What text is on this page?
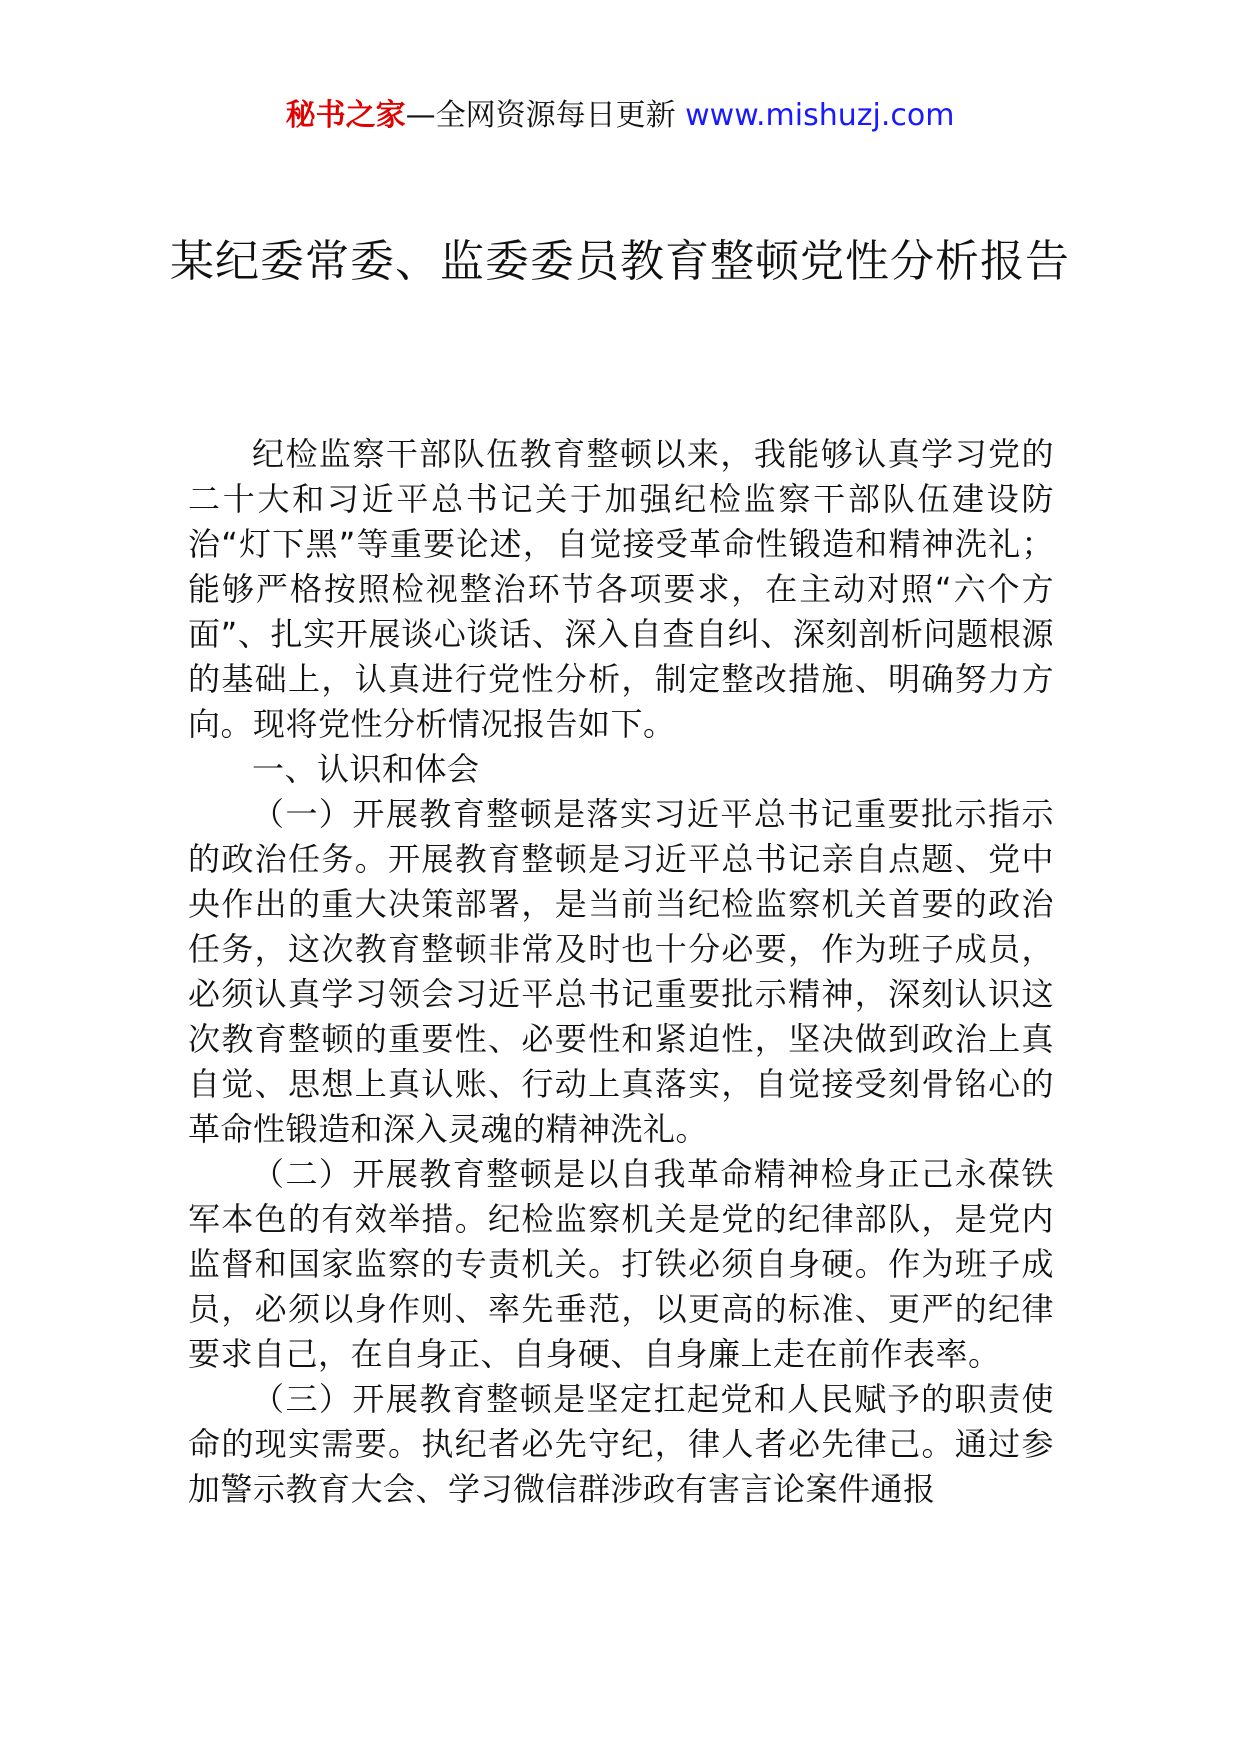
秘书之家—全网资源每日更新 www.mishuzj.com
某纪委常委、监委委员教育整顿党性分析报告

纪检监察干部队伍教育整顿以来，我能够认真学习党的二十大和习近平总书记关于加强纪检监察干部队伍建设防治“灯下黑”等重要论述，自觉接受革命性锻造和精神洗礼；能够严格按照检视整治环节各项要求，在主动对照“六个方面”、扎实开展谈心谈话、深入自查自纠、深刻剖析问题根源的基础上，认真进行党性分析，制定整改措施、明确努力方向。现将党性分析情况报告如下。

一、认识和体会

（一）开展教育整顿是落实习近平总书记重要批示指示的政治任务。开展教育整顿是习近平总书记亲自点题、党中央作出的重大决策部署，是当前当纪检监察机关首要的政治任务，这次教育整顿非常及时也十分必要，作为班子成员，必须认真学习领会习近平总书记重要批示精神，深刻认识这次教育整顿的重要性、必要性和紧迫性，坚决做到政治上真自觉、思想上真认账、行动上真落实，自觉接受刻骨铭心的革命性锻造和深入灵魂的精神洗礼。

（二）开展教育整顿是以自我革命精神检身正己永葆铁军本色的有效举措。纪检监察机关是党的纪律部队，是党内监督和国家监察的专责机关。打铁必须自身硬。作为班子成员，必须以身作则、率先垂范，以更高的标准、更严的纪律要求自己，在自身正、自身硬、自身廉上走在前作表率。

（三）开展教育整顿是坚定扛起党和人民赋予的职责使命的现实需要。执纪者必先守纪，律人者必先律己。通过参加警示教育大会、学习微信群涉政有害言论案件通报
